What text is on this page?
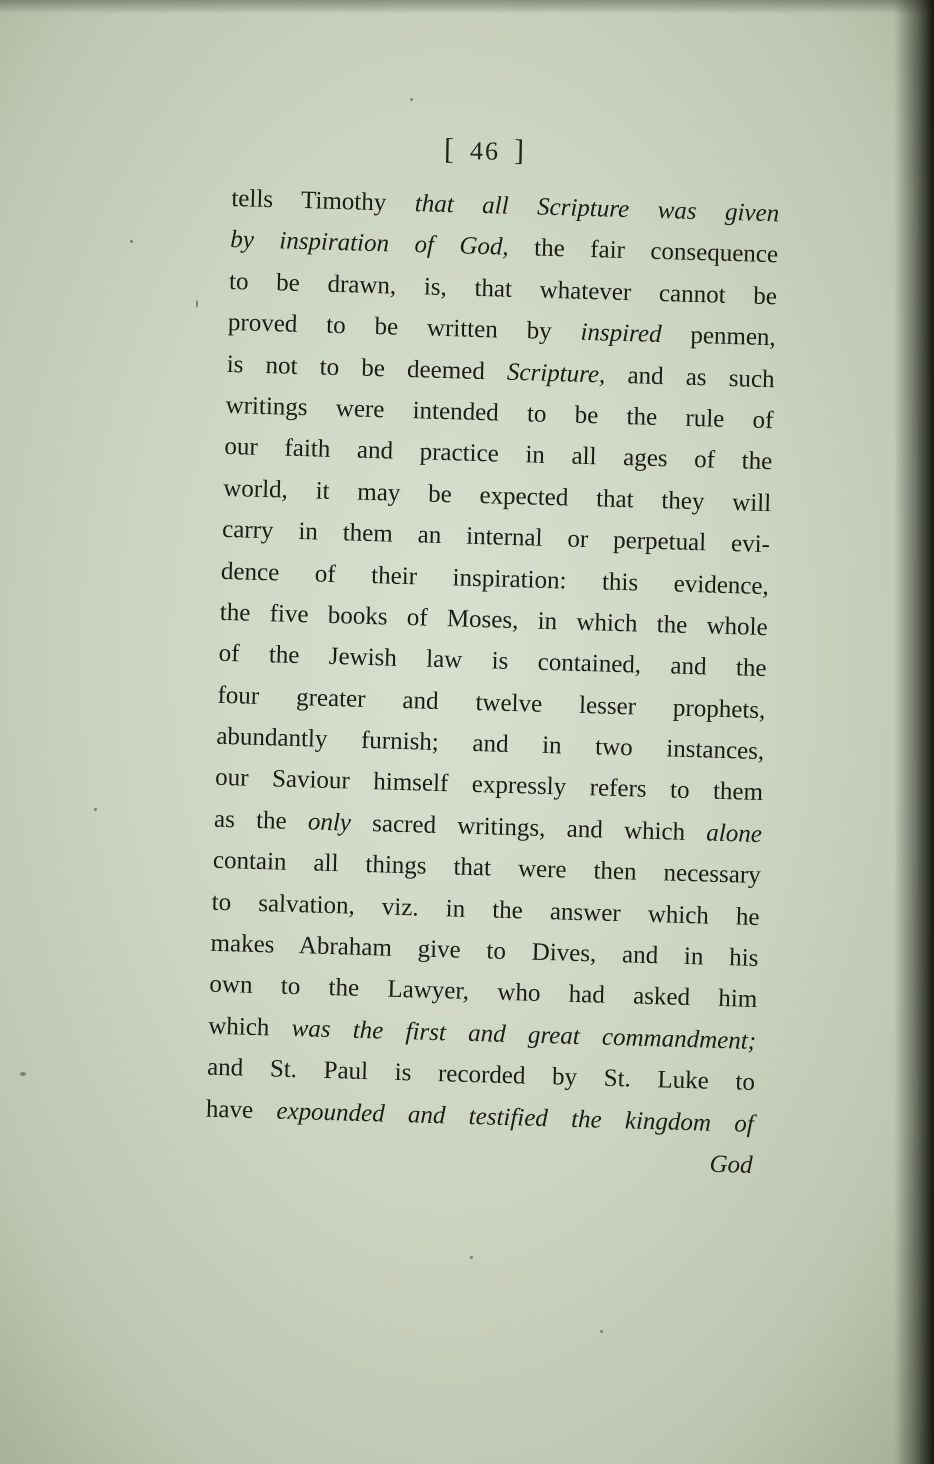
[ 46 ]
tells Timothy that all Scripture was given
by inspiration of God, the fair consequence
to be drawn, is, that whatever cannot be
proved to be written by inspired penmen,
is not to be deemed Scripture, and as such
writings were intended to be the rule of
our faith and practice in all ages of the
world, it may be expected that they will
carry in them an internal or perpetual evi-
dence of their inspiration: this evidence,
the five books of Moses, in which the whole
of the Jewish law is contained, and the
four greater and twelve lesser prophets,
abundantly furnish; and in two instances,
our Saviour himself expressly refers to them
as the only sacred writings, and which alone
contain all things that were then necessary
to salvation, viz. in the answer which he
makes Abraham give to Dives, and in his
own to the Lawyer, who had asked him
which was the first and great commandment;
and St. Paul is recorded by St. Luke to
have expounded and testified the kingdom of
God
